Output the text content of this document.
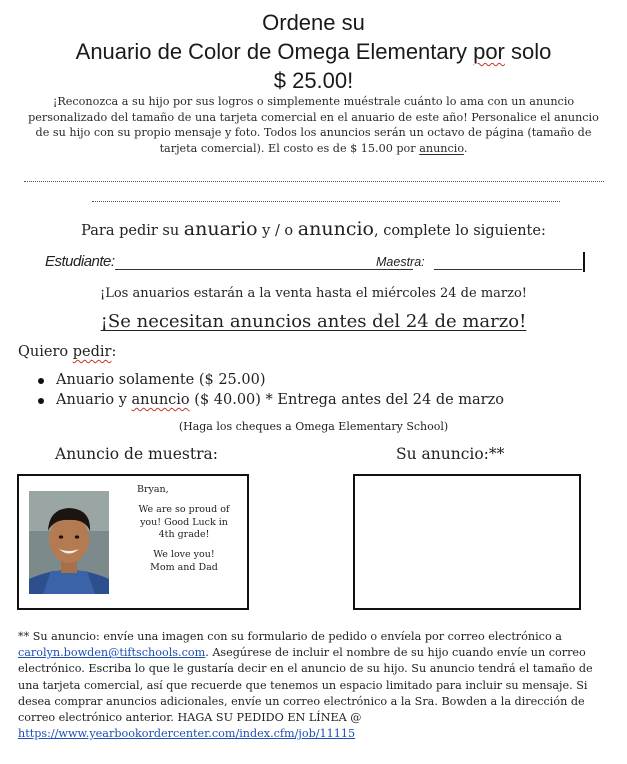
Ordene su
Anuario de Color de Omega Elementary por solo
$ 25.00!

¡Reconozca a su hijo por sus logros o simplemente muéstrale cuánto lo ama con un anuncio personalizado del tamaño de una tarjeta comercial en el anuario de este año! Personalice el anuncio de su hijo con su propio mensaje y foto. Todos los anuncios serán un octavo de página (tamaño de tarjeta comercial). El costo es de $ 15.00 por anuncio.

Para pedir su anuario y / o anuncio, complete lo siguiente:

Estudiante:	Maestra:

¡Los anuarios estarán a la venta hasta el miércoles 24 de marzo!

¡Se necesitan anuncios antes del 24 de marzo!

Quiero pedir:

Anuario solamente ($ 25.00)
Anuario y anuncio ($ 40.00) * Entrega antes del 24 de marzo

(Haga los cheques a Omega Elementary School)

Anuncio de muestra:	Su anuncio:**

Bryan,

We are so proud of you! Good Luck in 4th grade!

We love you!
Mom and Dad

** Su anuncio: envíe una imagen con su formulario de pedido o envíela por correo electrónico a carolyn.bowden@tiftschools.com. Asegúrese de incluir el nombre de su hijo cuando envíe un correo electrónico. Escriba lo que le gustaría decir en el anuncio de su hijo. Su anuncio tendrá el tamaño de una tarjeta comercial, así que recuerde que tenemos un espacio limitado para incluir su mensaje. Si desea comprar anuncios adicionales, envíe un correo electrónico a la Sra. Bowden a la dirección de correo electrónico anterior. HAGA SU PEDIDO EN LÍNEA @ https://www.yearbookordercenter.com/index.cfm/job/11115
